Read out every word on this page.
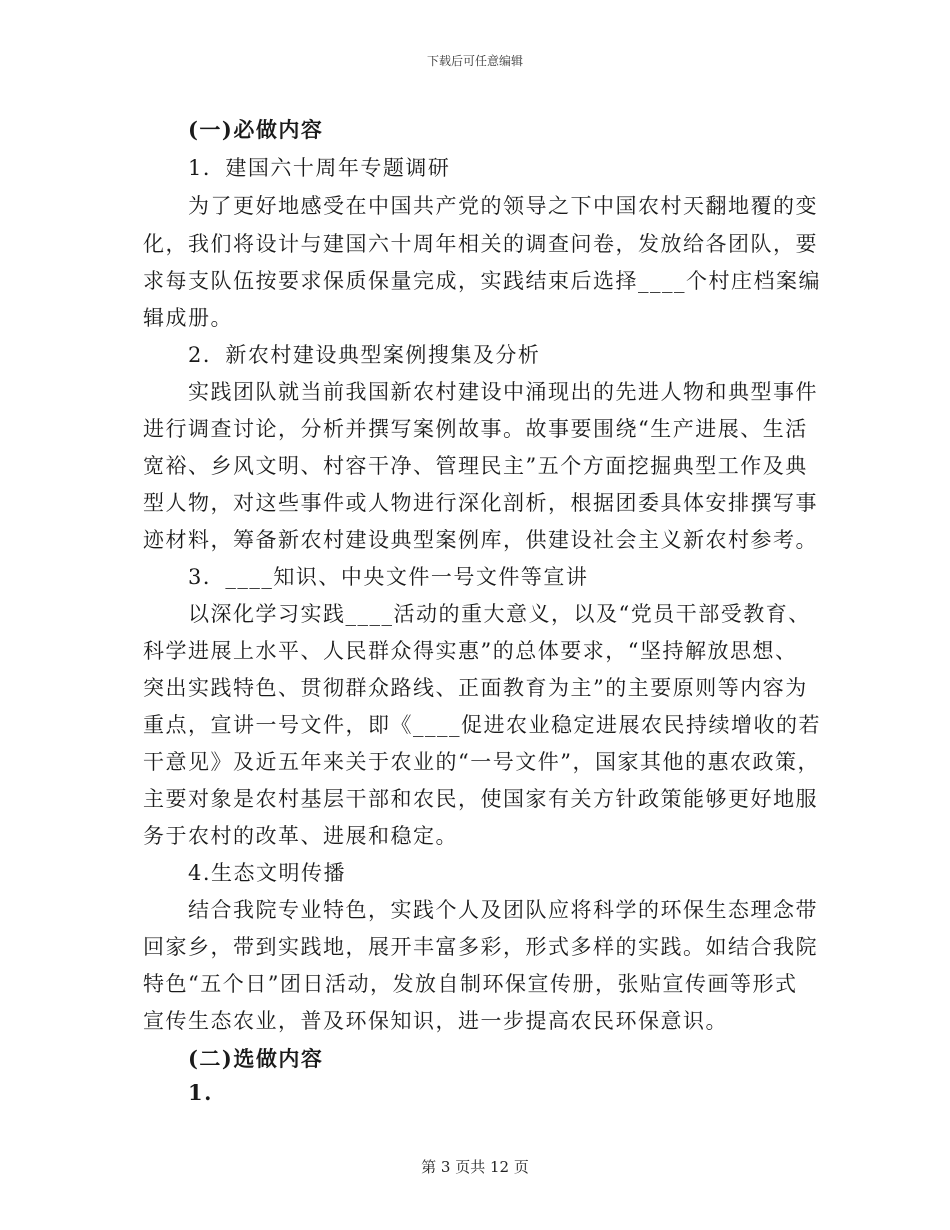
下载后可任意编辑
(一)必做内容
1．建国六十周年专题调研
为了更好地感受在中国共产党的领导之下中国农村天翻地覆的变
化，我们将设计与建国六十周年相关的调查问卷，发放给各团队，要
求每支队伍按要求保质保量完成，实践结束后选择____个村庄档案编
辑成册。
2．新农村建设典型案例搜集及分析
实践团队就当前我国新农村建设中涌现出的先进人物和典型事件
进行调查讨论，分析并撰写案例故事。故事要围绕“生产进展、生活
宽裕、乡风文明、村容干净、管理民主”五个方面挖掘典型工作及典
型人物，对这些事件或人物进行深化剖析，根据团委具体安排撰写事
迹材料，筹备新农村建设典型案例库，供建设社会主义新农村参考。
3．____知识、中央文件一号文件等宣讲
以深化学习实践____活动的重大意义，以及“党员干部受教育、
科学进展上水平、人民群众得实惠”的总体要求，“坚持解放思想、
突出实践特色、贯彻群众路线、正面教育为主”的主要原则等内容为
重点，宣讲一号文件，即《____促进农业稳定进展农民持续增收的若
干意见》及近五年来关于农业的“一号文件”，国家其他的惠农政策，
主要对象是农村基层干部和农民，使国家有关方针政策能够更好地服
务于农村的改革、进展和稳定。
4.生态文明传播
结合我院专业特色，实践个人及团队应将科学的环保生态理念带
回家乡，带到实践地，展开丰富多彩，形式多样的实践。如结合我院
特色“五个日”团日活动，发放自制环保宣传册，张贴宣传画等形式
宣传生态农业，普及环保知识，进一步提高农民环保意识。
(二)选做内容
1.
第 3 页共 12 页
